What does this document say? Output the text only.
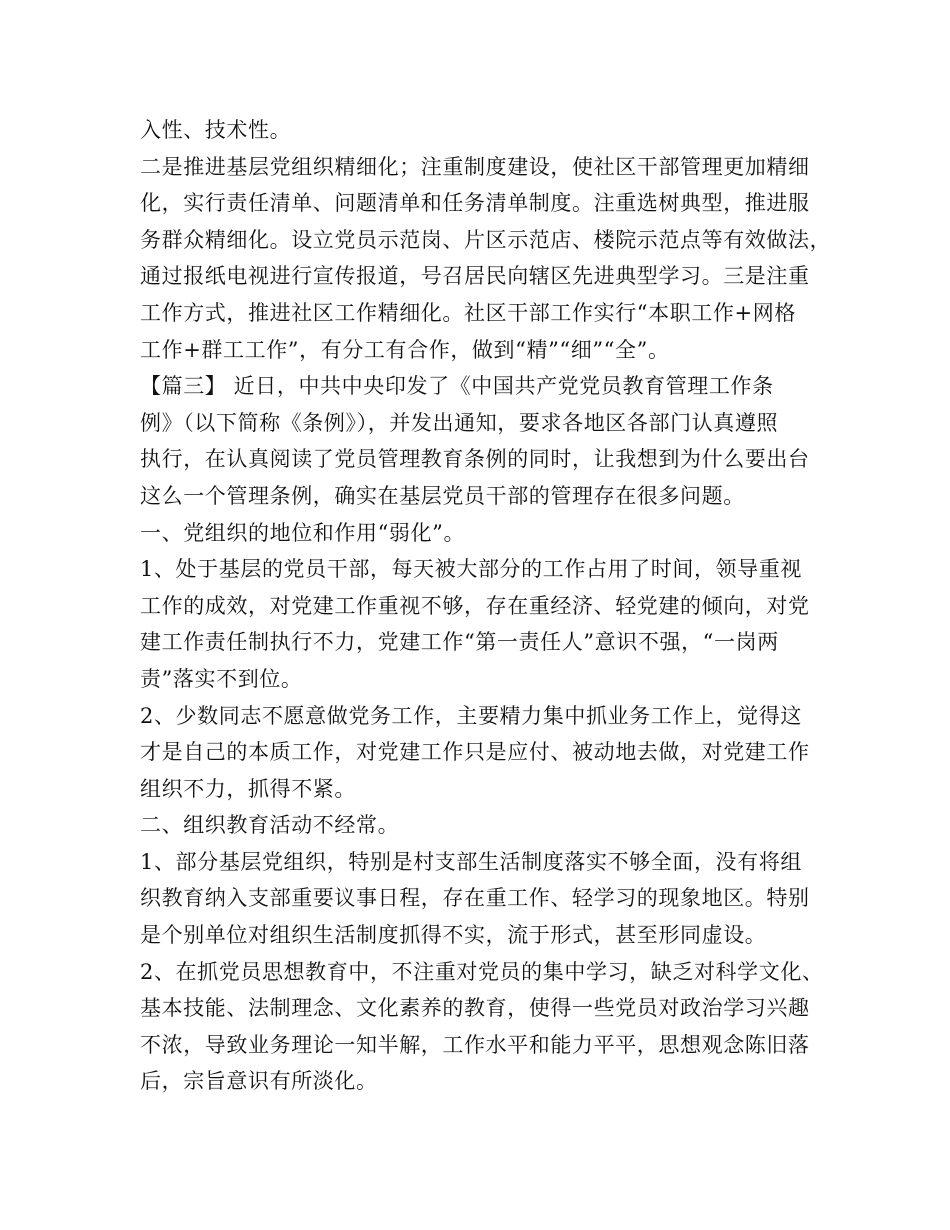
入性、技术性。
二是推进基层党组织精细化；注重制度建设，使社区干部管理更加精细
化，实行责任清单、问题清单和任务清单制度。注重选树典型，推进服
务群众精细化。设立党员示范岗、片区示范店、楼院示范点等有效做法，
通过报纸电视进行宣传报道，号召居民向辖区先进典型学习。三是注重
工作方式，推进社区工作精细化。社区干部工作实行“本职工作+网格
工作+群工工作”，有分工有合作，做到“精”“细”“全”。
【篇三】 近日，中共中央印发了《中国共产党党员教育管理工作条
例》（以下简称《条例》），并发出通知，要求各地区各部门认真遵照
执行，在认真阅读了党员管理教育条例的同时，让我想到为什么要出台
这么一个管理条例，确实在基层党员干部的管理存在很多问题。
一、党组织的地位和作用“弱化”。
1、处于基层的党员干部，每天被大部分的工作占用了时间，领导重视
工作的成效，对党建工作重视不够，存在重经济、轻党建的倾向，对党
建工作责任制执行不力，党建工作“第一责任人”意识不强，“一岗两
责”落实不到位。
2、少数同志不愿意做党务工作，主要精力集中抓业务工作上，觉得这
才是自己的本质工作，对党建工作只是应付、被动地去做，对党建工作
组织不力，抓得不紧。
二、组织教育活动不经常。
1、部分基层党组织，特别是村支部生活制度落实不够全面，没有将组
织教育纳入支部重要议事日程，存在重工作、轻学习的现象地区。特别
是个别单位对组织生活制度抓得不实，流于形式，甚至形同虚设。
2、在抓党员思想教育中，不注重对党员的集中学习，缺乏对科学文化、
基本技能、法制理念、文化素养的教育，使得一些党员对政治学习兴趣
不浓，导致业务理论一知半解，工作水平和能力平平，思想观念陈旧落
后，宗旨意识有所淡化。
